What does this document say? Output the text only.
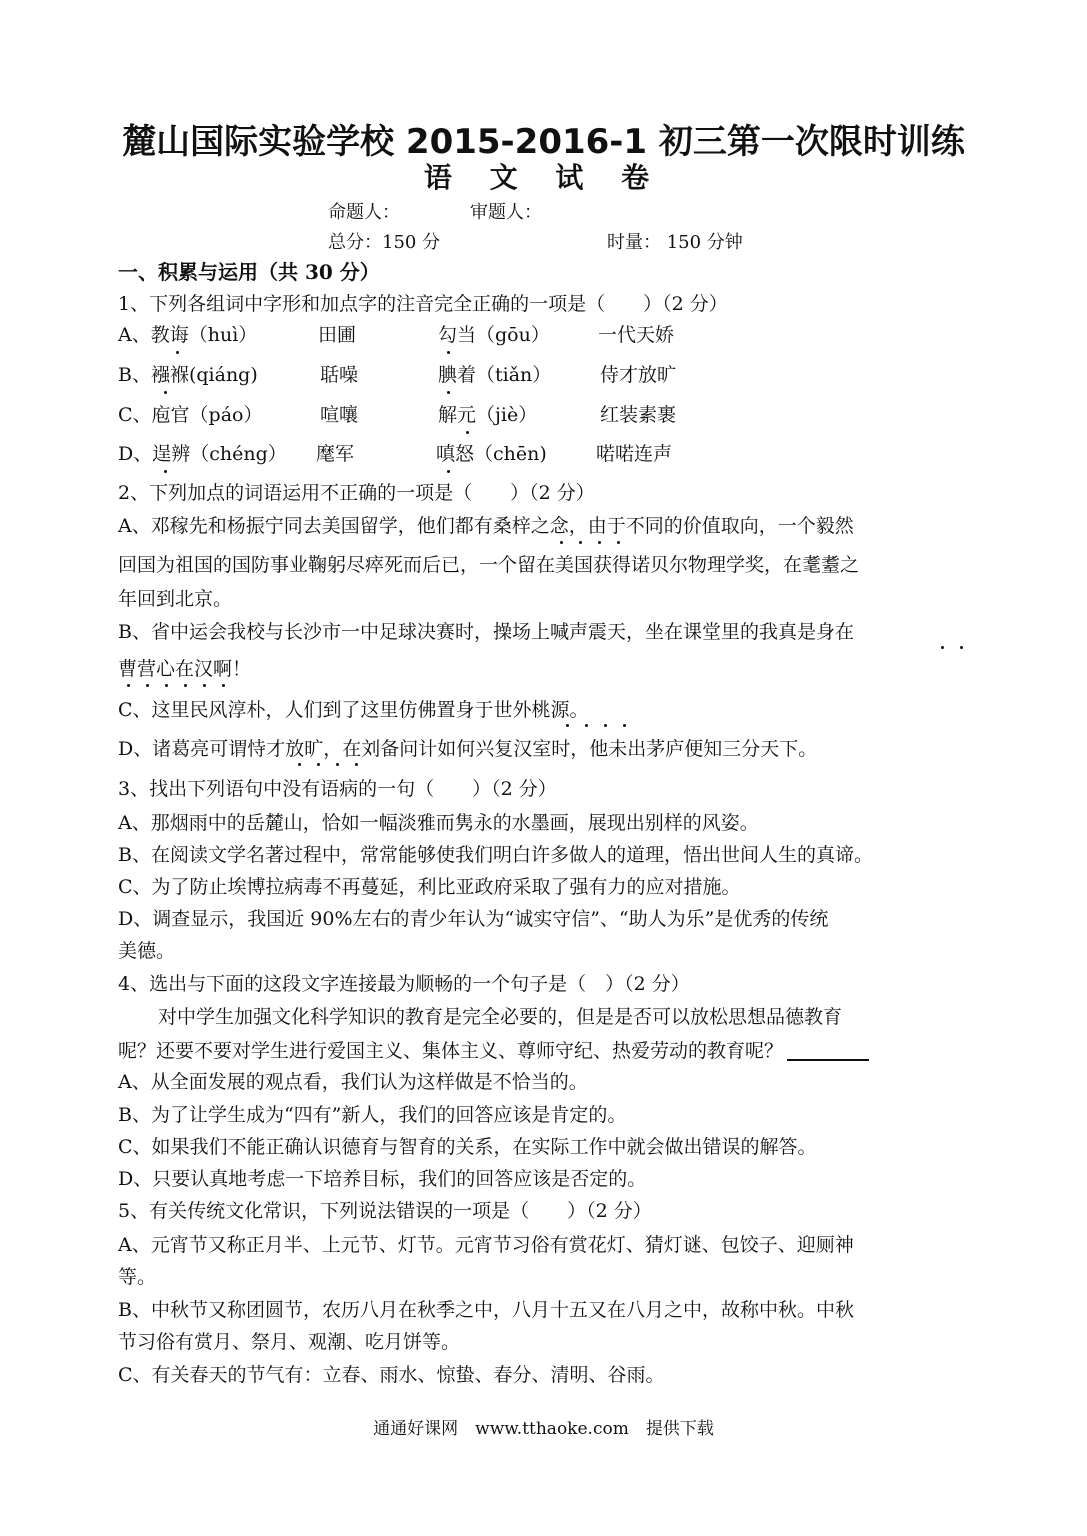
麓山国际实验学校 2015-2016-1 初三第一次限时训练
语 文 试 卷
命题人：	审题人：
总分：150 分	时量： 150 分钟
一、积累与运用（共 30 分）
1、下列各组词中字形和加点字的注音完全正确的一项是（　　）（2 分）
A、教诲（huì）	田圃	勾当（gōu）	一代天娇
B、襁褓(qiáng)	聒噪	腆着（tiǎn）	侍才放旷
C、庖官（páo）	喧嚷	解元（jiè）	红装素裹
D、逞辨（chéng） 麾军	嗔怒（chēn)	喏喏连声
2、下列加点的词语运用不正确的一项是（　　）（2 分）
A、邓稼先和杨振宁同去美国留学，他们都有桑梓之念，由于不同的价值取向，一个毅然
回国为祖国的国防事业鞠躬尽瘁死而后已，一个留在美国获得诺贝尔物理学奖，在耄耋之
年回到北京。
B、省中运会我校与长沙市一中足球决赛时，操场上喊声震天，坐在课堂里的我真是身在
曹营心在汉啊！
C、这里民风淳朴，人们到了这里仿佛置身于世外桃源。
D、诸葛亮可谓恃才放旷，在刘备问计如何兴复汉室时，他未出茅庐便知三分天下。
3、找出下列语句中没有语病的一句（　　）（2 分）
A、那烟雨中的岳麓山，恰如一幅淡雅而隽永的水墨画，展现出别样的风姿。
B、在阅读文学名著过程中，常常能够使我们明白许多做人的道理，悟出世间人生的真谛。
C、为了防止埃博拉病毒不再蔓延，利比亚政府采取了强有力的应对措施。
D、调查显示，我国近 90%左右的青少年认为“诚实守信”、“助人为乐”是优秀的传统
美德。
4、选出与下面的这段文字连接最为顺畅的一个句子是（　）（2 分）
对中学生加强文化科学知识的教育是完全必要的，但是是否可以放松思想品德教育
呢？还要不要对学生进行爱国主义、集体主义、尊师守纪、热爱劳动的教育呢？
A、从全面发展的观点看，我们认为这样做是不恰当的。
B、为了让学生成为“四有”新人，我们的回答应该是肯定的。
C、如果我们不能正确认识德育与智育的关系，在实际工作中就会做出错误的解答。
D、只要认真地考虑一下培养目标，我们的回答应该是否定的。
5、有关传统文化常识，下列说法错误的一项是（　　）（2 分）
A、元宵节又称正月半、上元节、灯节。元宵节习俗有赏花灯、猜灯谜、包饺子、迎厕神
等。
B、中秋节又称团圆节，农历八月在秋季之中，八月十五又在八月之中，故称中秋。中秋
节习俗有赏月、祭月、观潮、吃月饼等。
C、有关春天的节气有：立春、雨水、惊蛰、春分、清明、谷雨。
通通好课网　www.tthaoke.com　提供下载
